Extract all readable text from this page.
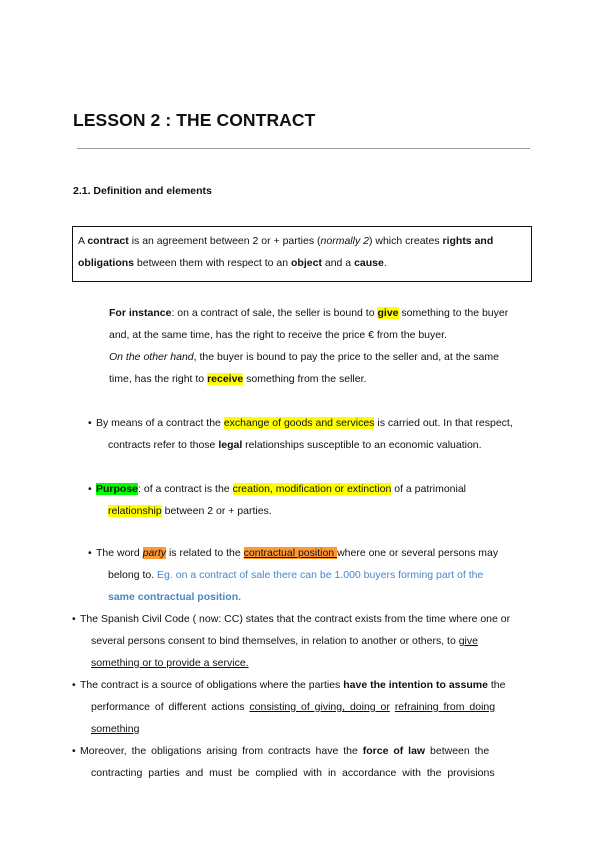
LESSON 2 : THE CONTRACT
2.1. Definition and elements

A contract is an agreement between 2 or + parties (normally 2) which creates rights and

obligations between them with respect to an object and a cause.

For instance: on a contract of sale, the seller is bound to give something to the buyer
and, at the same time, has the right to receive the price € from the buyer.
On the other hand, the buyer is bound to pay the price to the seller and, at the same
time, has the right to receive something from the seller.
• By means of a contract the exchange of goods and services is carried out. In that respect,
contracts refer to those legal relationships susceptible to an economic valuation.
• Purpose: of a contract is the creation, modification or extinction of a patrimonial
relationship between 2 or + parties.
• The word party is related to the contractual position where one or several persons may
belong to. Eg. on a contract of sale there can be 1.000 buyers forming part of the
same contractual position.
• The Spanish Civil Code ( now: CC) states that the contract exists from the time where one or
several persons consent to bind themselves, in relation to another or others, to give
something or to provide a service.
• The contract is a source of obligations where the parties have the intention to assume the
performance of different actions consisting of giving, doing or refraining from doing
something
• Moreover, the obligations arising from contracts have the force of law between the
contracting parties and must be complied with in accordance with the provisions
